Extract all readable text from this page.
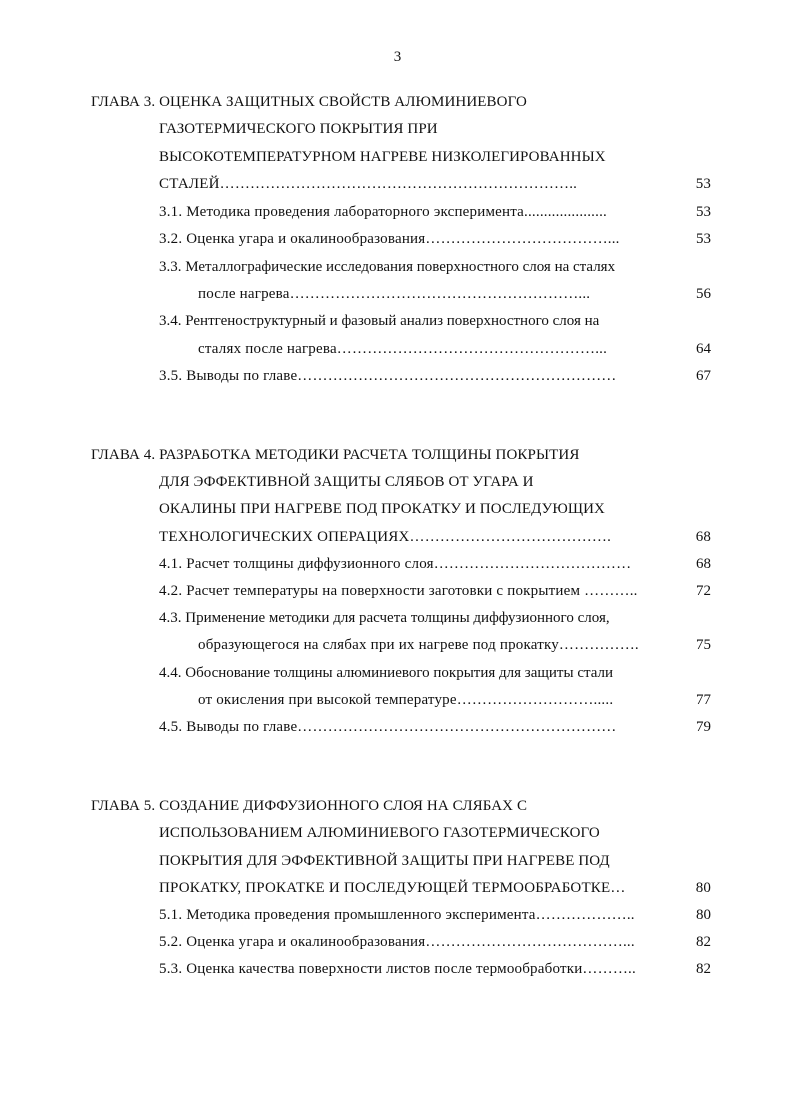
3
ГЛАВА 3. ОЦЕНКА ЗАЩИТНЫХ СВОЙСТВ АЛЮМИНИЕВОГО
ГАЗОТЕРМИЧЕСКОГО ПОКРЫТИЯ ПРИ
ВЫСОКОТЕМПЕРАТУРНОМ НАГРЕВЕ НИЗКОЛЕГИРОВАННЫХ
СТАЛЕЙ……………………………………………………………..	53
3.1. Методика проведения лабораторного эксперимента.....................	53
3.2. Оценка угара и окалинообразования………………………………...	53
3.3. Металлографические исследования поверхностного слоя на сталях
после нагрева…………………………………………………...	56
3.4. Рентгеноструктурный и фазовый анализ поверхностного слоя на
сталях после нагрева……………………………………………...	64
3.5. Выводы по главе………………………………………………………	67
ГЛАВА 4. РАЗРАБОТКА МЕТОДИКИ РАСЧЕТА ТОЛЩИНЫ ПОКРЫТИЯ
ДЛЯ ЭФФЕКТИВНОЙ ЗАЩИТЫ СЛЯБОВ ОТ УГАРА И
ОКАЛИНЫ ПРИ НАГРЕВЕ ПОД ПРОКАТКУ И ПОСЛЕДУЮЩИХ
ТЕХНОЛОГИЧЕСКИХ ОПЕРАЦИЯХ………………………………….	68
4.1. Расчет толщины диффузионного слоя…………………………………	68
4.2. Расчет температуры на поверхности заготовки с покрытием ………..	72
4.3. Применение методики для расчета толщины диффузионного слоя,
образующегося на слябах при их нагреве под прокатку…………….	75
4.4. Обоснование толщины алюминиевого покрытия для защиты стали
от окисления при высокой температуре……………………….....	77
4.5. Выводы по главе………………………………………………………	79
ГЛАВА 5. СОЗДАНИЕ ДИФФУЗИОННОГО СЛОЯ НА СЛЯБАХ С
ИСПОЛЬЗОВАНИЕМ АЛЮМИНИЕВОГО ГАЗОТЕРМИЧЕСКОГО
ПОКРЫТИЯ ДЛЯ ЭФФЕКТИВНОЙ ЗАЩИТЫ ПРИ НАГРЕВЕ ПОД
ПРОКАТКУ, ПРОКАТКЕ И ПОСЛЕДУЮЩЕЙ ТЕРМООБРАБОТКЕ…	80
5.1. Методика проведения промышленного эксперимента………………..	80
5.2. Оценка угара и окалинообразования…………………………………...	82
5.3. Оценка качества поверхности листов после термообработки………..	82
